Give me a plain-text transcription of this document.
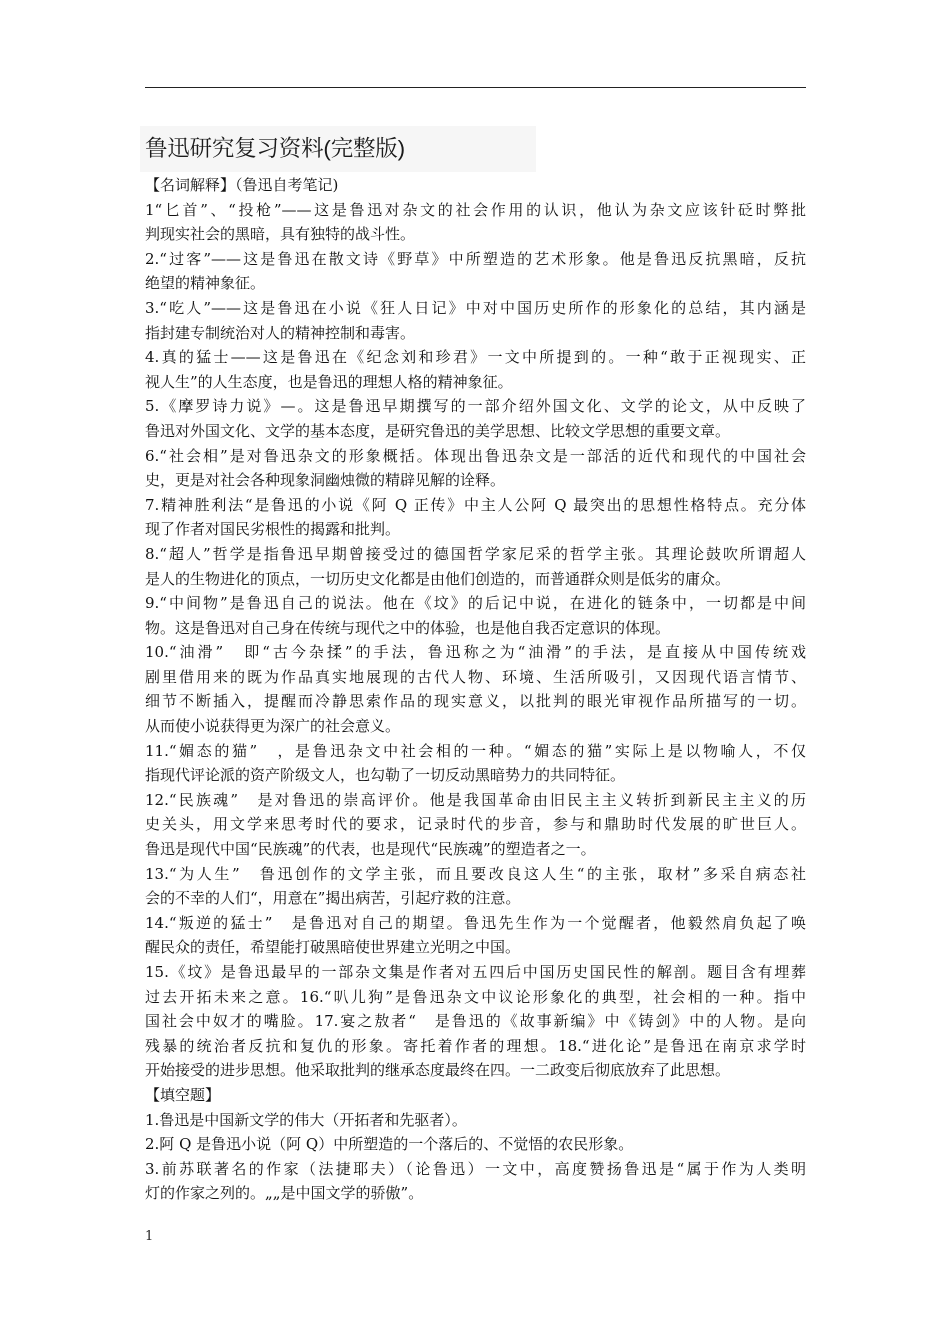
鲁迅研究复习资料(完整版)
【名词解释】（鲁迅自考笔记)
1“匕首”、“投枪”——这是鲁迅对杂文的社会作用的认识，他认为杂文应该针砭时弊批
判现实社会的黑暗，具有独特的战斗性。
2.“过客”——这是鲁迅在散文诗《野草》中所塑造的艺术形象。他是鲁迅反抗黑暗，反抗
绝望的精神象征。
3.“吃人”——这是鲁迅在小说《狂人日记》中对中国历史所作的形象化的总结，其内涵是
指封建专制统治对人的精神控制和毒害。
4.真的猛士——这是鲁迅在《纪念刘和珍君》一文中所提到的。一种“敢于正视现实、正
视人生”的人生态度，也是鲁迅的理想人格的精神象征。
5.《摩罗诗力说》—。这是鲁迅早期撰写的一部介绍外国文化、文学的论文，从中反映了
鲁迅对外国文化、文学的基本态度，是研究鲁迅的美学思想、比较文学思想的重要文章。
6.“社会相”是对鲁迅杂文的形象概括。体现出鲁迅杂文是一部活的近代和现代的中国社会
史，更是对社会各种现象洞幽烛微的精辟见解的诠释。
7.精神胜利法“是鲁迅的小说《阿 Q 正传》中主人公阿 Q 最突出的思想性格特点。充分体
现了作者对国民劣根性的揭露和批判。
8.“超人”哲学是指鲁迅早期曾接受过的德国哲学家尼采的哲学主张。其理论鼓吹所谓超人
是人的生物进化的顶点，一切历史文化都是由他们创造的，而普通群众则是低劣的庸众。
9.“中间物”是鲁迅自己的说法。他在《坟》的后记中说，在进化的链条中，一切都是中间
物。这是鲁迅对自己身在传统与现代之中的体验，也是他自我否定意识的体现。
10.“油滑”　即“古今杂揉”的手法，鲁迅称之为“油滑”的手法，是直接从中国传统戏
剧里借用来的既为作品真实地展现的古代人物、环境、生活所吸引，又因现代语言情节、
细节不断插入，提醒而冷静思索作品的现实意义，以批判的眼光审视作品所描写的一切。
从而使小说获得更为深广的社会意义。
11.“媚态的猫”　，是鲁迅杂文中社会相的一种。“媚态的猫”实际上是以物喻人，不仅
指现代评论派的资产阶级文人，也勾勒了一切反动黑暗势力的共同特征。
12.“民族魂”　是对鲁迅的崇高评价。他是我国革命由旧民主主义转折到新民主主义的历
史关头，用文学来思考时代的要求，记录时代的步音，参与和鼎助时代发展的旷世巨人。
鲁迅是现代中国“民族魂”的代表，也是现代“民族魂”的塑造者之一。
13.“为人生”　鲁迅创作的文学主张，而且要改良这人生“的主张，取材”多采自病态社
会的不幸的人们“，用意在”揭出病苦，引起疗救的注意。
14.“叛逆的猛士”　是鲁迅对自己的期望。鲁迅先生作为一个觉醒者，他毅然肩负起了唤
醒民众的责任，希望能打破黑暗使世界建立光明之中国。
15.《坟》是鲁迅最早的一部杂文集是作者对五四后中国历史国民性的解剖。题目含有埋葬
过去开拓未来之意。16.“叭儿狗”是鲁迅杂文中议论形象化的典型，社会相的一种。指中
国社会中奴才的嘴脸。17.宴之敖者“　是鲁迅的《故事新编》中《铸剑》中的人物。是向
残暴的统治者反抗和复仇的形象。寄托着作者的理想。18.“进化论”是鲁迅在南京求学时
开始接受的进步思想。他采取批判的继承态度最终在四。一二政变后彻底放弃了此思想。
【填空题】
1.鲁迅是中国新文学的伟大（开拓者和先驱者）。
2.阿 Q 是鲁迅小说（阿 Q）中所塑造的一个落后的、不觉悟的农民形象。
3.前苏联著名的作家（法捷耶夫）（论鲁迅）一文中，高度赞扬鲁迅是“属于作为人类明
灯的作家之列的。„„是中国文学的骄傲”。
1
